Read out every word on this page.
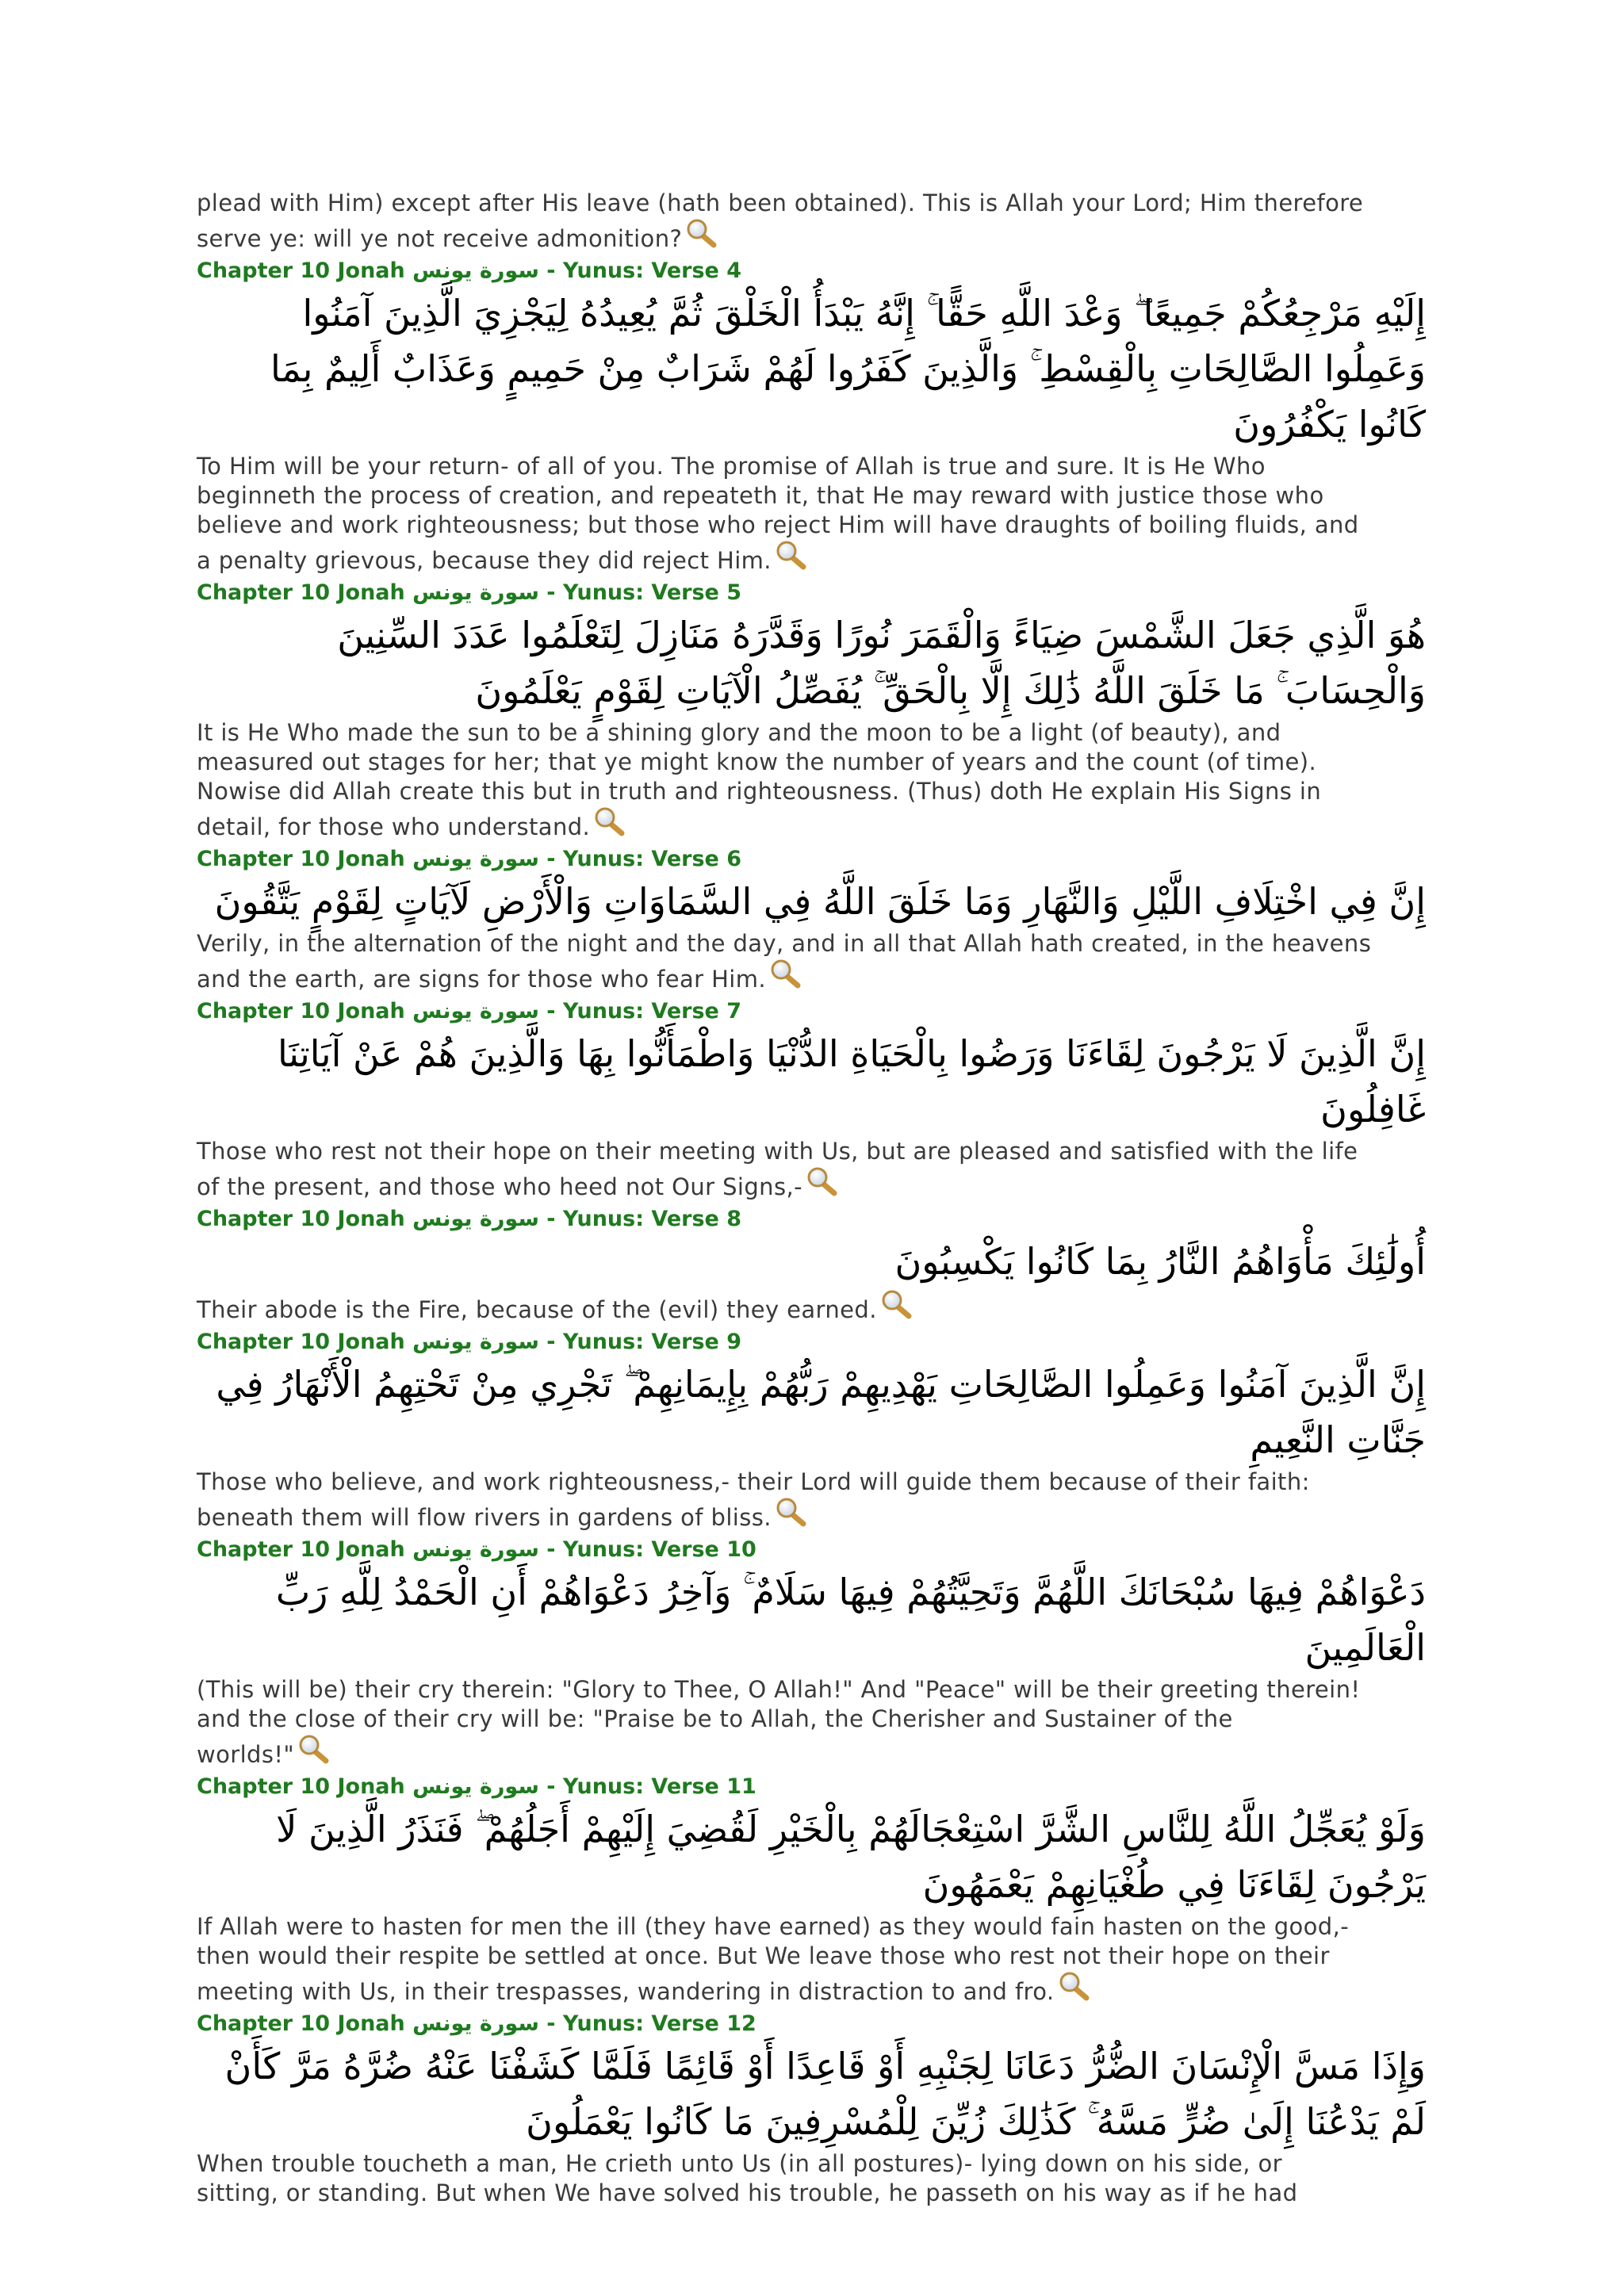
plead with Him) except after His leave (hath been obtained). This is Allah your Lord; Him therefore
serve ye: will ye not receive admonition?
Chapter 10 Jonah سورة يونس - Yunus: Verse 4
إِلَيْهِ مَرْجِعُكُمْ جَمِيعًا ۖ وَعْدَ اللَّهِ حَقًّا ۚ إِنَّهُ يَبْدَأُ الْخَلْقَ ثُمَّ يُعِيدُهُ لِيَجْزِيَ الَّذِينَ آمَنُوا وَعَمِلُوا الصَّالِحَاتِ بِالْقِسْطِ ۚ وَالَّذِينَ كَفَرُوا لَهُمْ شَرَابٌ مِنْ حَمِيمٍ وَعَذَابٌ أَلِيمٌ بِمَا كَانُوا يَكْفُرُونَ
To Him will be your return- of all of you. The promise of Allah is true and sure. It is He Who
beginneth the process of creation, and repeateth it, that He may reward with justice those who
believe and work righteousness; but those who reject Him will have draughts of boiling fluids, and
a penalty grievous, because they did reject Him.
Chapter 10 Jonah سورة يونس - Yunus: Verse 5
هُوَ الَّذِي جَعَلَ الشَّمْسَ ضِيَاءً وَالْقَمَرَ نُورًا وَقَدَّرَهُ مَنَازِلَ لِتَعْلَمُوا عَدَدَ السِّنِينَ وَالْحِسَابَ ۚ مَا خَلَقَ اللَّهُ ذَٰلِكَ إِلَّا بِالْحَقِّ ۚ يُفَصِّلُ الْآيَاتِ لِقَوْمٍ يَعْلَمُونَ
It is He Who made the sun to be a shining glory and the moon to be a light (of beauty), and
measured out stages for her; that ye might know the number of years and the count (of time).
Nowise did Allah create this but in truth and righteousness. (Thus) doth He explain His Signs in
detail, for those who understand.
Chapter 10 Jonah سورة يونس - Yunus: Verse 6
إِنَّ فِي اخْتِلَافِ اللَّيْلِ وَالنَّهَارِ وَمَا خَلَقَ اللَّهُ فِي السَّمَاوَاتِ وَالْأَرْضِ لَآيَاتٍ لِقَوْمٍ يَتَّقُونَ
Verily, in the alternation of the night and the day, and in all that Allah hath created, in the heavens
and the earth, are signs for those who fear Him.
Chapter 10 Jonah سورة يونس - Yunus: Verse 7
إِنَّ الَّذِينَ لَا يَرْجُونَ لِقَاءَنَا وَرَضُوا بِالْحَيَاةِ الدُّنْيَا وَاطْمَأَنُّوا بِهَا وَالَّذِينَ هُمْ عَنْ آيَاتِنَا غَافِلُونَ
Those who rest not their hope on their meeting with Us, but are pleased and satisfied with the life
of the present, and those who heed not Our Signs,-
Chapter 10 Jonah سورة يونس - Yunus: Verse 8
أُولَٰئِكَ مَأْوَاهُمُ النَّارُ بِمَا كَانُوا يَكْسِبُونَ
Their abode is the Fire, because of the (evil) they earned.
Chapter 10 Jonah سورة يونس - Yunus: Verse 9
إِنَّ الَّذِينَ آمَنُوا وَعَمِلُوا الصَّالِحَاتِ يَهْدِيهِمْ رَبُّهُمْ بِإِيمَانِهِمْ ۖ تَجْرِي مِنْ تَحْتِهِمُ الْأَنْهَارُ فِي جَنَّاتِ النَّعِيمِ
Those who believe, and work righteousness,- their Lord will guide them because of their faith:
beneath them will flow rivers in gardens of bliss.
Chapter 10 Jonah سورة يونس - Yunus: Verse 10
دَعْوَاهُمْ فِيهَا سُبْحَانَكَ اللَّهُمَّ وَتَحِيَّتُهُمْ فِيهَا سَلَامٌ ۚ وَآخِرُ دَعْوَاهُمْ أَنِ الْحَمْدُ لِلَّهِ رَبِّ الْعَالَمِينَ
(This will be) their cry therein: "Glory to Thee, O Allah!" And "Peace" will be their greeting therein!
and the close of their cry will be: "Praise be to Allah, the Cherisher and Sustainer of the
worlds!"
Chapter 10 Jonah سورة يونس - Yunus: Verse 11
وَلَوْ يُعَجِّلُ اللَّهُ لِلنَّاسِ الشَّرَّ اسْتِعْجَالَهُمْ بِالْخَيْرِ لَقُضِيَ إِلَيْهِمْ أَجَلُهُمْ ۖ فَنَذَرُ الَّذِينَ لَا يَرْجُونَ لِقَاءَنَا فِي طُغْيَانِهِمْ يَعْمَهُونَ
If Allah were to hasten for men the ill (they have earned) as they would fain hasten on the good,-
then would their respite be settled at once. But We leave those who rest not their hope on their
meeting with Us, in their trespasses, wandering in distraction to and fro.
Chapter 10 Jonah سورة يونس - Yunus: Verse 12
وَإِذَا مَسَّ الْإِنْسَانَ الضُّرُّ دَعَانَا لِجَنْبِهِ أَوْ قَاعِدًا أَوْ قَائِمًا فَلَمَّا كَشَفْنَا عَنْهُ ضُرَّهُ مَرَّ كَأَنْ لَمْ يَدْعُنَا إِلَىٰ ضُرٍّ مَسَّهُ ۚ كَذَٰلِكَ زُيِّنَ لِلْمُسْرِفِينَ مَا كَانُوا يَعْمَلُونَ
When trouble toucheth a man, He crieth unto Us (in all postures)- lying down on his side, or
sitting, or standing. But when We have solved his trouble, he passeth on his way as if he had
